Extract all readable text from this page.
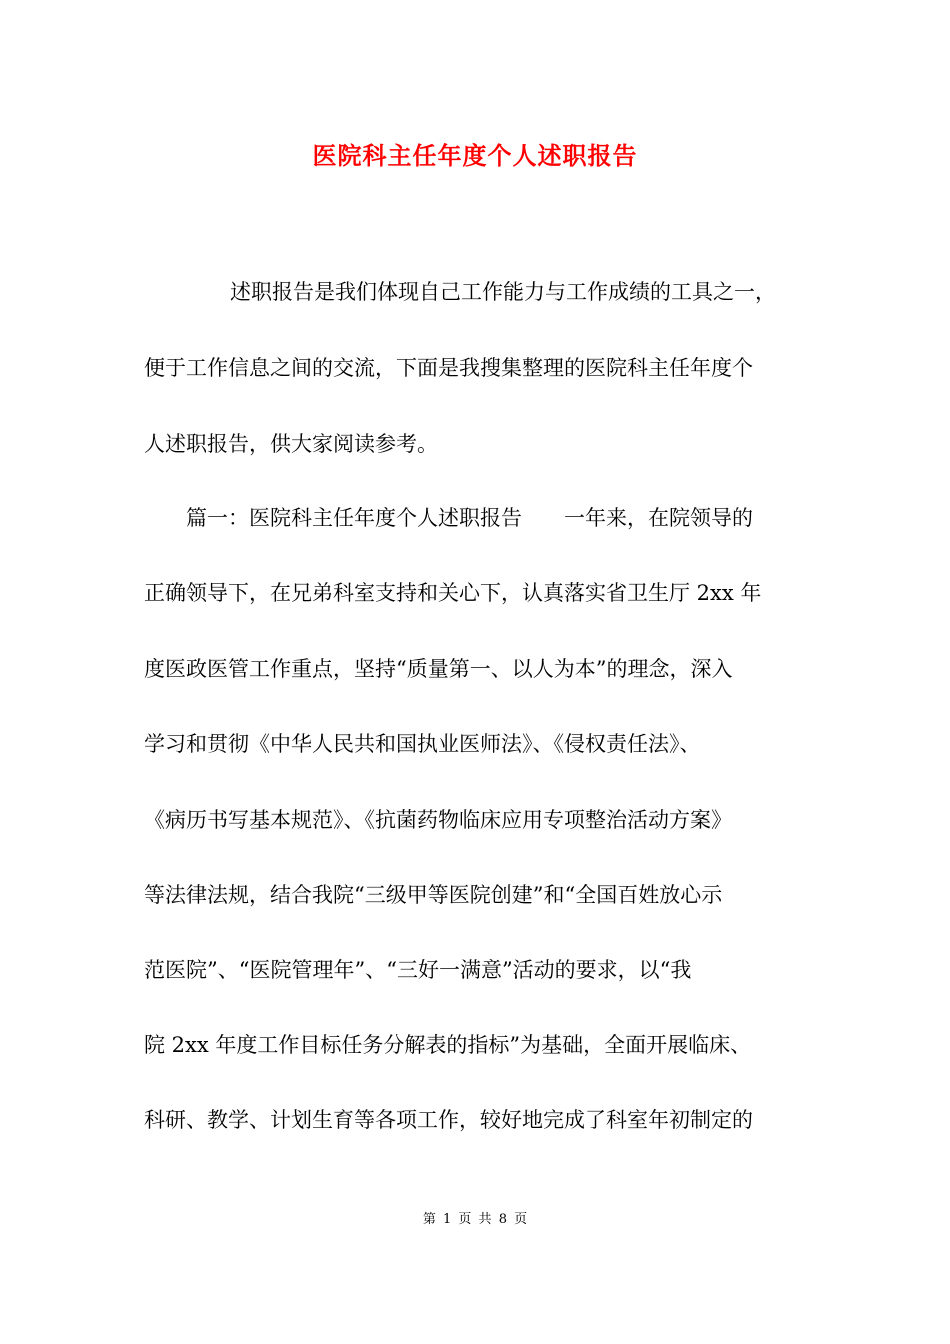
医院科主任年度个人述职报告
述职报告是我们体现自己工作能力与工作成绩的工具之一，
便于工作信息之间的交流，下面是我搜集整理的医院科主任年度个
人述职报告，供大家阅读参考。
篇一：医院科主任年度个人述职报告　　一年来，在院领导的
正确领导下，在兄弟科室支持和关心下，认真落实省卫生厅 2xx 年
度医政医管工作重点，坚持“质量第一、以人为本”的理念，深入
学习和贯彻《中华人民共和国执业医师法》、《侵权责任法》、
《病历书写基本规范》、《抗菌药物临床应用专项整治活动方案》
等法律法规，结合我院“三级甲等医院创建”和“全国百姓放心示
范医院”、“医院管理年”、“三好一满意”活动的要求，以“我
院 2xx 年度工作目标任务分解表的指标”为基础，全面开展临床、
科研、教学、计划生育等各项工作，较好地完成了科室年初制定的
第 1 页 共 8 页
